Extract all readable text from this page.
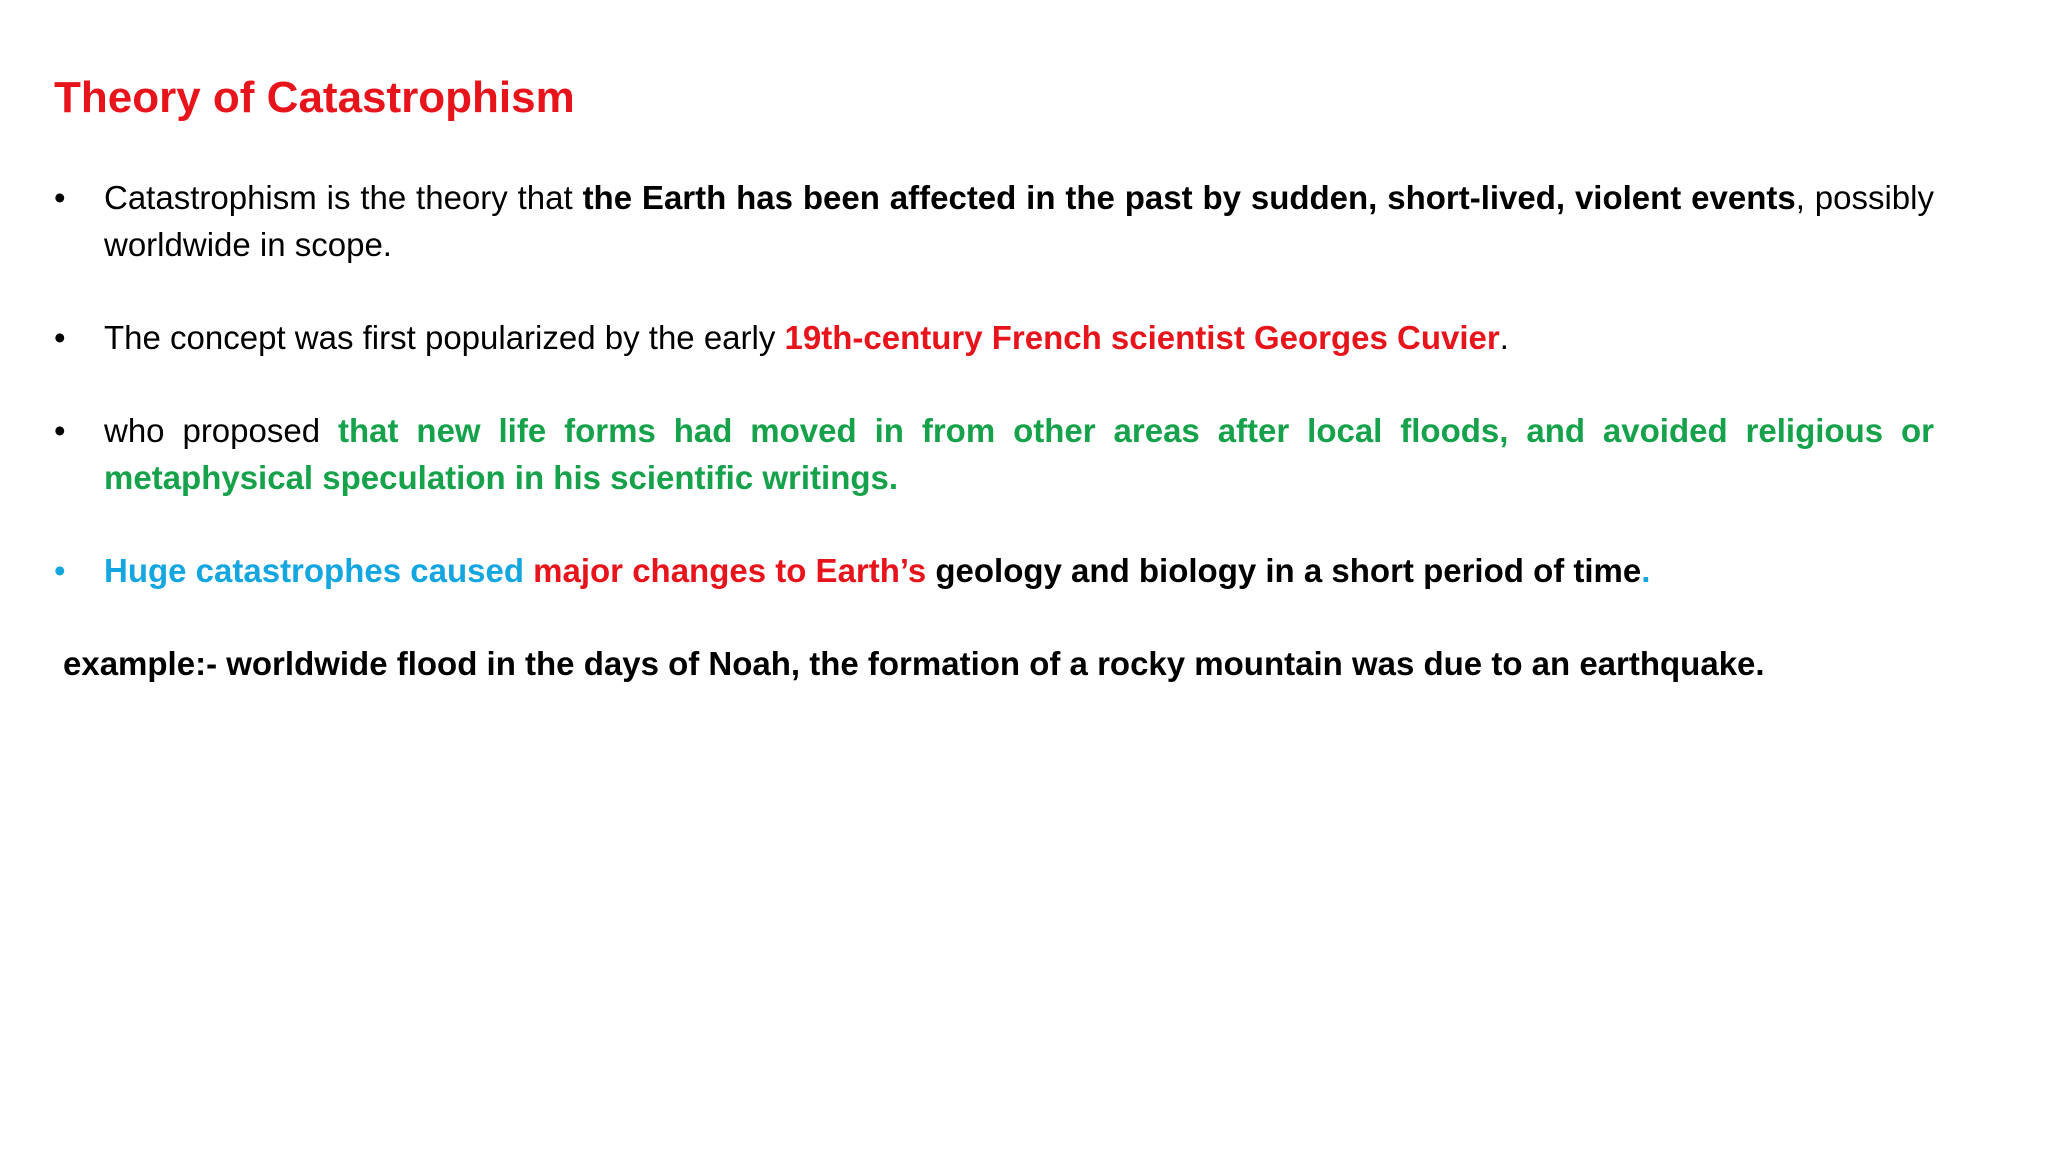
Theory of Catastrophism
•	Catastrophism is the theory that the Earth has been affected in the past by sudden, short-lived, violent events, possibly worldwide in scope.
•	The concept was first popularized by the early 19th-century French scientist Georges Cuvier.
•	who proposed that new life forms had moved in from other areas after local floods, and avoided religious or metaphysical speculation in his scientific writings.
•	Huge catastrophes caused major changes to Earth’s geology and biology in a short period of time.
example:- worldwide flood in the days of Noah, the formation of a rocky mountain was due to an earthquake.
